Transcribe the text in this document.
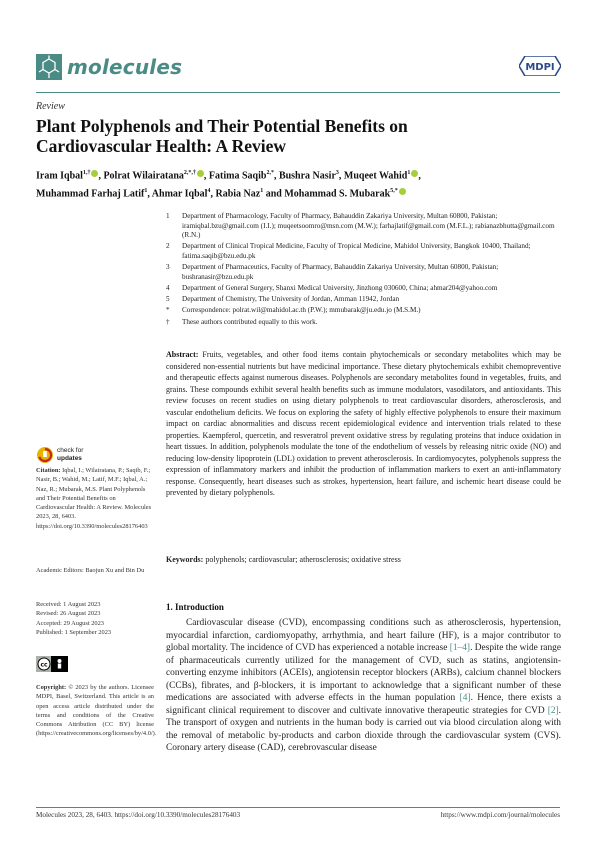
molecules	MDPI
Review
Plant Polyphenols and Their Potential Benefits on Cardiovascular Health: A Review
Iram Iqbal$^{1,\dagger}$ , Polrat Wilairatana$^{2,*,\dagger}$ , Fatima Saqib$^{2,*}$, Bushra Nasir$^3$, Muqeet Wahid$^1$ ,
Muhammad Farhaj Latif$^1$, Ahmar Iqbal$^4$, Rabia Naz$^1$ and Mohammad S. Mubarak$^{5,*}$
1	Department of Pharmacology, Faculty of Pharmacy, Bahauddin Zakariya University, Multan 60800, Pakistan; iramiqbal.bzu@gmail.com (I.I.); muqeetsoomro@msn.com (M.W.); farhajlatif@gmail.com (M.F.L.); rabianazbhutta@gmail.com (R.N.)
2	Department of Clinical Tropical Medicine, Faculty of Tropical Medicine, Mahidol University, Bangkok 10400, Thailand; fatima.saqib@bzu.edu.pk
3	Department of Pharmaceutics, Faculty of Pharmacy, Bahauddin Zakariya University, Multan 60800, Pakistan; bushranasir@bzu.edu.pk
4	Department of General Surgery, Shanxi Medical University, Jinzhong 030600, China; ahmar204@yahoo.com
5	Department of Chemistry, The University of Jordan, Amman 11942, Jordan
*	Correspondence: polrat.wil@mahidol.ac.th (P.W.); mmubarak@ju.edu.jo (M.S.M.)
†	These authors contributed equally to this work.
Abstract: Fruits, vegetables, and other food items contain phytochemicals or secondary metabolites which may be considered non-essential nutrients but have medicinal importance. These dietary phytochemicals exhibit chemopreventive and therapeutic effects against numerous diseases. Polyphenols are secondary metabolites found in vegetables, fruits, and grains. These compounds exhibit several health benefits such as immune modulators, vasodilators, and antioxidants. This review focuses on recent studies on using dietary polyphenols to treat cardiovascular disorders, atherosclerosis, and vascular endothelium deficits. We focus on exploring the safety of highly effective polyphenols to ensure their maximum impact on cardiac abnormalities and discuss recent epidemiological evidence and intervention trials related to these properties. Kaempferol, quercetin, and resveratrol prevent oxidative stress by regulating proteins that induce oxidation in heart tissues. In addition, polyphenols modulate the tone of the endothelium of vessels by releasing nitric oxide (NO) and reducing low-density lipoprotein (LDL) oxidation to prevent atherosclerosis. In cardiomyocytes, polyphenols suppress the expression of inflammatory markers and inhibit the production of inflammation markers to exert an anti-inflammatory response. Consequently, heart diseases such as strokes, hypertension, heart failure, and ischemic heart disease could be prevented by dietary polyphenols.
Keywords: polyphenols; cardiovascular; atherosclerosis; oxidative stress
check for
updates
Citation: Iqbal, I.; Wilairatana, P.; Saqib, F.; Nasir, B.; Wahid, M.; Latif, M.F.; Iqbal, A.; Naz, R.; Mubarak, M.S. Plant Polyphenols and Their Potential Benefits on Cardiovascular Health: A Review. Molecules 2023, 28, 6403. https://doi.org/10.3390/molecules28176403
Academic Editors: Baojun Xu and Bin Du
Received: 1 August 2023
Revised: 26 August 2023
Accepted: 29 August 2023
Published: 1 September 2023
cc
Copyright: © 2023 by the authors. Licensee MDPI, Basel, Switzerland. This article is an open access article distributed under the terms and conditions of the Creative Commons Attribution (CC BY) license (https://creativecommons.org/licenses/by/4.0/).
1. Introduction
Cardiovascular disease (CVD), encompassing conditions such as atherosclerosis, hypertension, myocardial infarction, cardiomyopathy, arrhythmia, and heart failure (HF), is a major contributor to global mortality. The incidence of CVD has experienced a notable increase [1–4]. Despite the wide range of pharmaceuticals currently utilized for the management of CVD, such as statins, angiotensin-converting enzyme inhibitors (ACEIs), angiotensin receptor blockers (ARBs), calcium channel blockers (CCBs), fibrates, and β-blockers, it is important to acknowledge that a significant number of these medications are associated with adverse effects in the human population [4]. Hence, there exists a significant clinical requirement to discover and cultivate innovative therapeutic strategies for CVD [2]. The transport of oxygen and nutrients in the human body is carried out via blood circulation along with the removal of metabolic by-products and carbon dioxide through the cardiovascular system (CVS). Coronary artery disease (CAD), cerebrovascular disease
Molecules 2023, 28, 6403. https://doi.org/10.3390/molecules28176403	https://www.mdpi.com/journal/molecules
